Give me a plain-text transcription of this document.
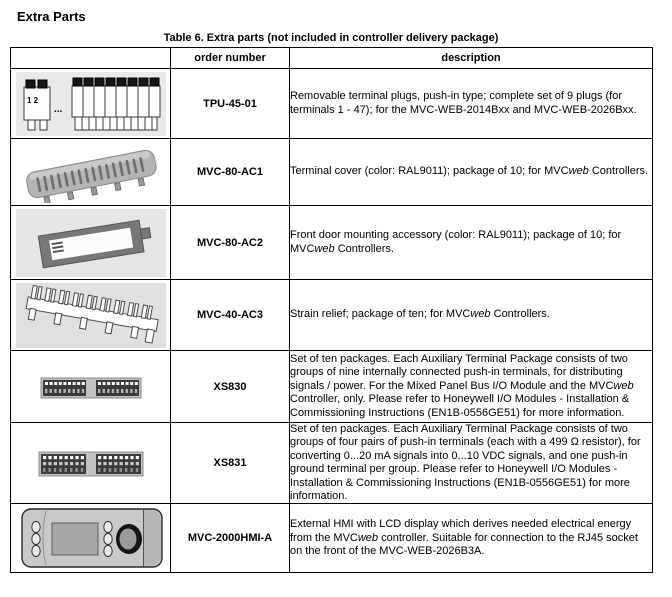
Extra Parts
Table 6. Extra parts (not included in controller delivery package)
	order number	description

1 2
...	TPU-45-01	Removable terminal plugs, push-in type; complete set of 9 plugs (for terminals 1 - 47); for the MVC-WEB-2014Bxx and MVC-WEB-2026Bxx.

	MVC-80-AC1	Terminal cover (color: RAL9011); package of 10; for MVCweb Controllers.

	MVC-80-AC2	Front door mounting accessory (color: RAL9011); package of 10; for MVCweb Controllers.

	MVC-40-AC3	Strain relief; package of ten; for MVCweb Controllers.

	XS830	Set of ten packages. Each Auxiliary Terminal Package consists of two groups of nine internally connected push-in terminals, for distributing signals / power. For the Mixed Panel Bus I/O Module and the MVCweb Controller, only. Please refer to Honeywell I/O Modules - Installation & Commissioning Instructions (EN1B-0556GE51) for more information.

	XS831	Set of ten packages. Each Auxiliary Terminal Package consists of two groups of four pairs of push-in terminals (each with a 499 Ω resistor), for converting 0...20 mA signals into 0...10 VDC signals, and one push-in ground terminal per group. Please refer to Honeywell I/O Modules - Installation & Commissioning Instructions (EN1B-0556GE51) for more information.

	MVC-2000HMI-A	External HMI with LCD display which derives needed electrical energy from the MVCweb controller. Suitable for connection to the RJ45 socket on the front of the MVC-WEB-2026B3A.
